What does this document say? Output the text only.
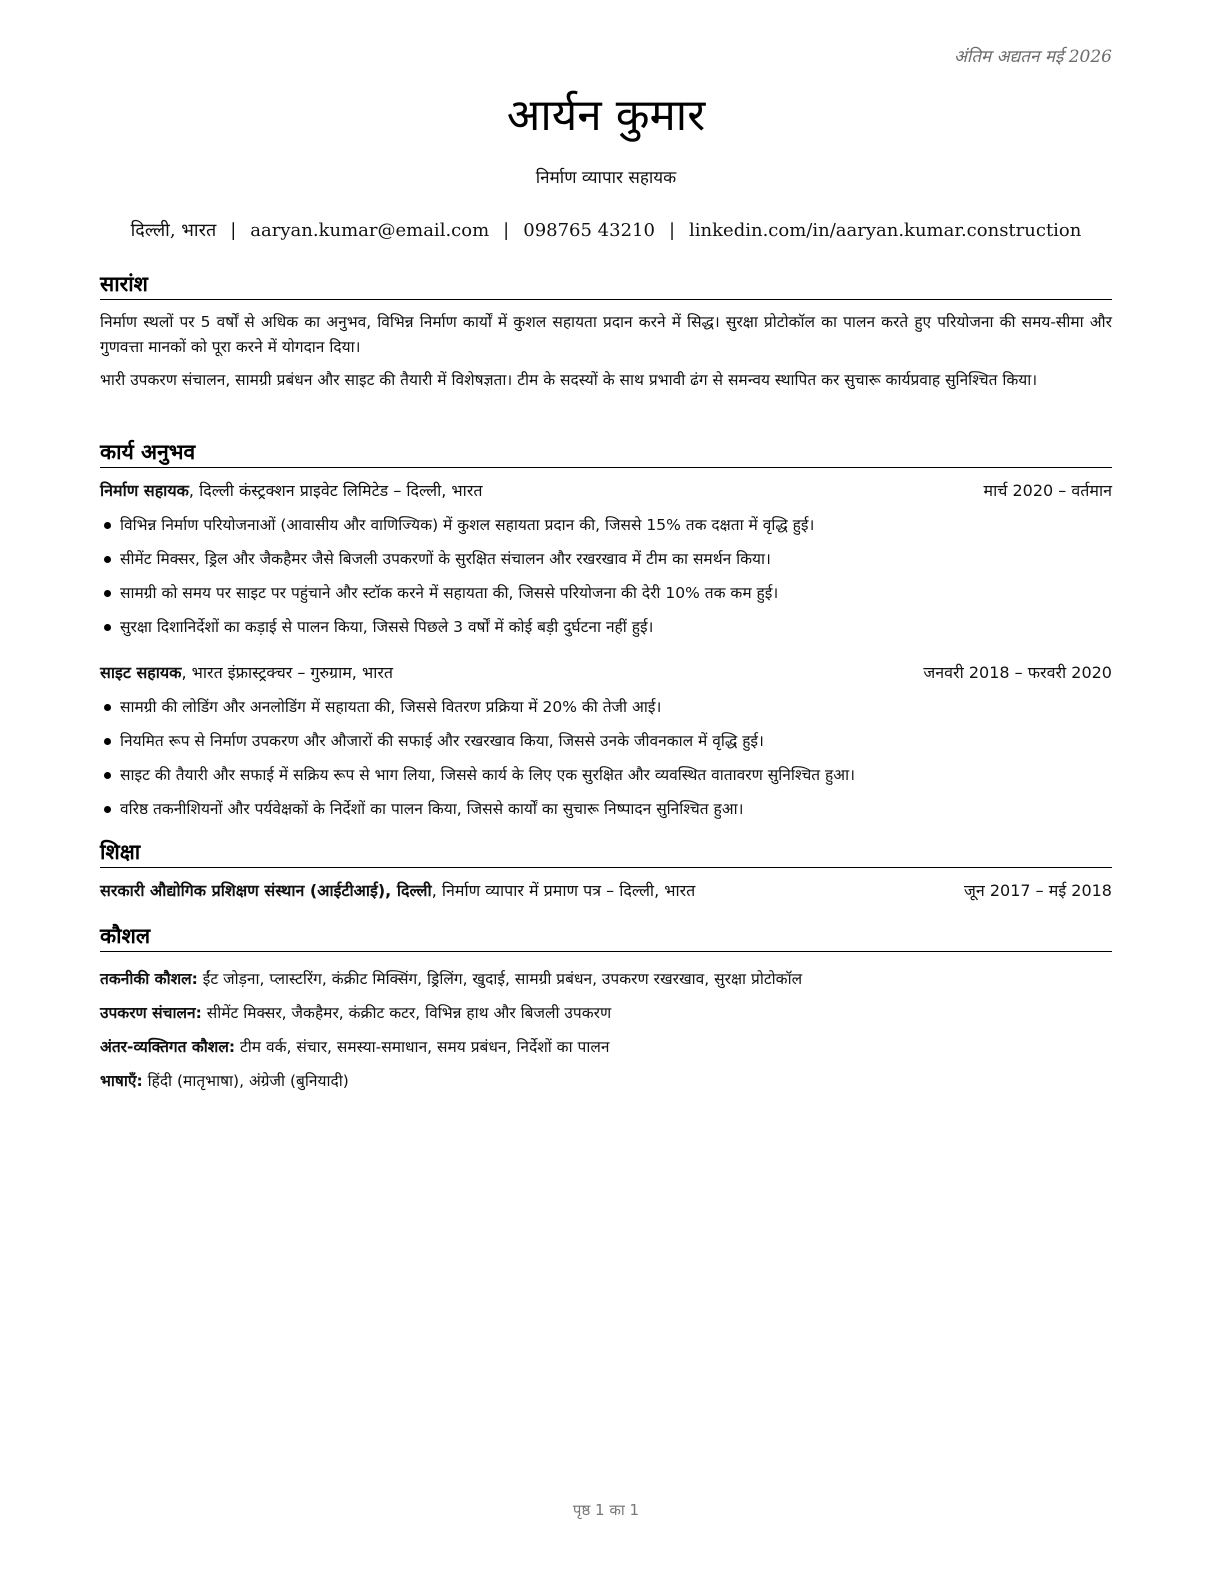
अंतिम अद्यतन मई 2026
आर्यन कुमार
निर्माण व्यापार सहायक
दिल्ली, भारत | aaryan.kumar@email.com | 098765 43210 | linkedin.com/in/aaryan.kumar.construction
सारांश

निर्माण स्थलों पर 5 वर्षों से अधिक का अनुभव, विभिन्न निर्माण कार्यों में कुशल सहायता प्रदान करने में सिद्ध। सुरक्षा प्रोटोकॉल का पालन करते हुए परियोजना की समय-सीमा और गुणवत्ता मानकों को पूरा करने में योगदान दिया।

भारी उपकरण संचालन, सामग्री प्रबंधन और साइट की तैयारी में विशेषज्ञता। टीम के सदस्यों के साथ प्रभावी ढंग से समन्वय स्थापित कर सुचारू कार्यप्रवाह सुनिश्चित किया।

कार्य अनुभव
निर्माण सहायक, दिल्ली कंस्ट्रक्शन प्राइवेट लिमिटेड – दिल्ली, भारत	मार्च 2020 – वर्तमान
विभिन्न निर्माण परियोजनाओं (आवासीय और वाणिज्यिक) में कुशल सहायता प्रदान की, जिससे 15% तक दक्षता में वृद्धि हुई।
सीमेंट मिक्सर, ड्रिल और जैकहैमर जैसे बिजली उपकरणों के सुरक्षित संचालन और रखरखाव में टीम का समर्थन किया।
सामग्री को समय पर साइट पर पहुंचाने और स्टॉक करने में सहायता की, जिससे परियोजना की देरी 10% तक कम हुई।
सुरक्षा दिशानिर्देशों का कड़ाई से पालन किया, जिससे पिछले 3 वर्षों में कोई बड़ी दुर्घटना नहीं हुई।
साइट सहायक, भारत इंफ्रास्ट्रक्चर – गुरुग्राम, भारत	जनवरी 2018 – फरवरी 2020
सामग्री की लोडिंग और अनलोडिंग में सहायता की, जिससे वितरण प्रक्रिया में 20% की तेजी आई।
नियमित रूप से निर्माण उपकरण और औजारों की सफाई और रखरखाव किया, जिससे उनके जीवनकाल में वृद्धि हुई।
साइट की तैयारी और सफाई में सक्रिय रूप से भाग लिया, जिससे कार्य के लिए एक सुरक्षित और व्यवस्थित वातावरण सुनिश्चित हुआ।
वरिष्ठ तकनीशियनों और पर्यवेक्षकों के निर्देशों का पालन किया, जिससे कार्यों का सुचारू निष्पादन सुनिश्चित हुआ।
शिक्षा
सरकारी औद्योगिक प्रशिक्षण संस्थान (आईटीआई), दिल्ली, निर्माण व्यापार में प्रमाण पत्र – दिल्ली, भारत	जून 2017 – मई 2018
कौशल
तकनीकी कौशल: ईंट जोड़ना, प्लास्टरिंग, कंक्रीट मिक्सिंग, ड्रिलिंग, खुदाई, सामग्री प्रबंधन, उपकरण रखरखाव, सुरक्षा प्रोटोकॉल
उपकरण संचालन: सीमेंट मिक्सर, जैकहैमर, कंक्रीट कटर, विभिन्न हाथ और बिजली उपकरण
अंतर-व्यक्तिगत कौशल: टीम वर्क, संचार, समस्या-समाधान, समय प्रबंधन, निर्देशों का पालन
भाषाएँ: हिंदी (मातृभाषा), अंग्रेजी (बुनियादी)
पृष्ठ 1 का 1
